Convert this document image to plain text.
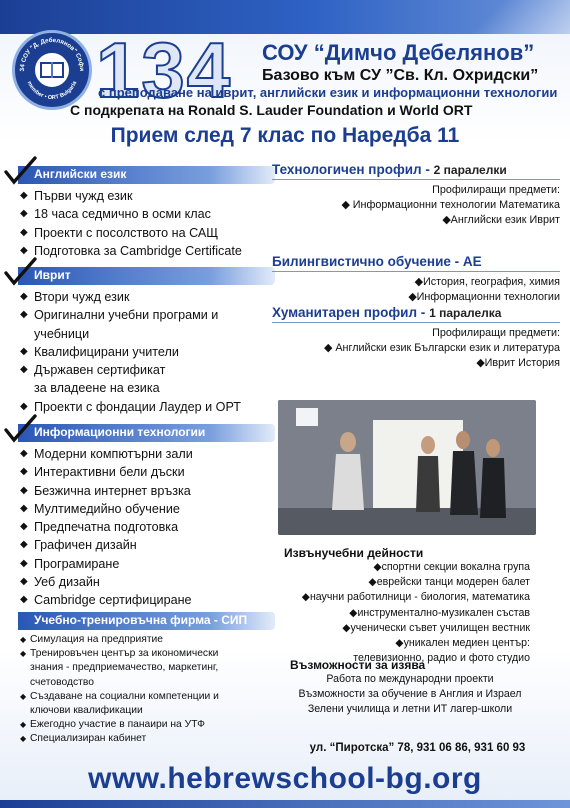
34 СОУ "Д. Дебелянов" Софи
member • ORT Bulgaria 134 СОУ “Димчо Дебелянов”
Базово към СУ ”Св. Кл. Охридски”
с преподаване на иврит, английски език и информационни технологии
С подкрепата на Ronald S. Lauder Foundation и World ORT
Прием след 7 клас по Наредба 11
Английски език
◆ Първи чужд език
◆ 18 часа седмично в осми клас
◆ Проекти с посолството на САЩ
◆ Подготовка за Cambridge Certificate
Иврит
◆ Втори чужд език
◆ Оригинални учебни програми и
учебници
◆ Квалифицирани учители
◆ Държавен сертификат
за владеене на езика
◆ Проекти с фондации Лаудер и ОРТ
Информационни технологии
◆ Модерни компютърни зали
◆ Интерактивни бели дъски
◆ Безжична интернет връзка
◆ Мултимедийно обучение
◆ Предпечатна подготовка
◆ Графичен дизайн
◆ Програмиране
◆ Уеб дизайн
◆ Cambridge сертифициране
Учебно-тренировъчна фирма - СИП
◆ Симулация на предприятие
◆ Тренировъчен център за икономически
знания - предприемачество, маркетинг,
счетоводство
◆ Създаване на социални компетенции и
ключови квалификации
◆ Ежегодно участие в панаири на УТФ
◆ Специализиран кабинет
Технологичен профил - 2 паралелки
Профилиращи предмети:
◆ Информационни технологии Математика
◆Английски език Иврит
Билингвистично обучение - АЕ
◆История, география, химия
◆Информационни технологии
Хуманитарен профил - 1 паралелка
Профилиращи предмети:
◆ Английски език Български език и литература
◆Иврит История
Извънучебни дейности
◆спортни секции вокална група
◆еврейски танци модерен балет
◆научни работилници - биология, математика
◆инструментално-музикален състав
◆ученически съвет училищен вестник
◆уникален медиен център:
телевизионно, радио и фото студио
Възможности за изява
Работа по международни проекти
Възможности за обучение в Англия и Израел
Зелени училища и летни ИТ лагер-школи
ул. “Пиротска” 78, 931 06 86, 931 60 93
www.hebrewschool-bg.org
